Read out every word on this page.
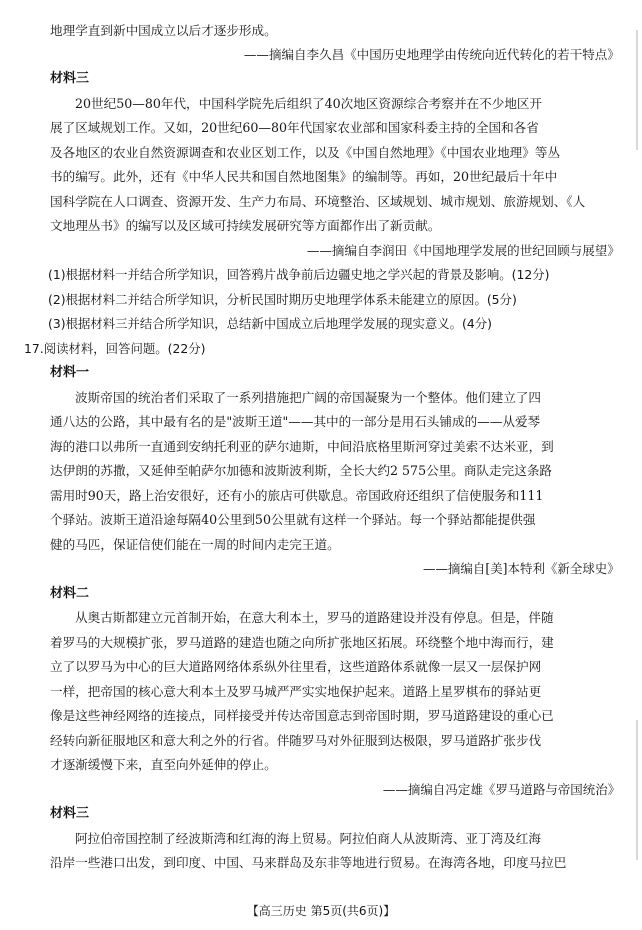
地理学直到新中国成立以后才逐步形成。
——摘编自李久昌《中国历史地理学由传统向近代转化的若干特点》
材料三
20世纪50—80年代，中国科学院先后组织了40次地区资源综合考察并在不少地区开
展了区域规划工作。又如，20世纪60—80年代国家农业部和国家科委主持的全国和各省
及各地区的农业自然资源调查和农业区划工作，以及《中国自然地理》《中国农业地理》等丛
书的编写。此外，还有《中华人民共和国自然地图集》的编制等。再如，20世纪最后十年中
国科学院在人口调查、资源开发、生产力布局、环境整治、区域规划、城市规划、旅游规划、《人
文地理丛书》的编写以及区域可持续发展研究等方面都作出了新贡献。
——摘编自李润田《中国地理学发展的世纪回顾与展望》
(1)根据材料一并结合所学知识，回答鸦片战争前后边疆史地之学兴起的背景及影响。(12分)
(2)根据材料二并结合所学知识，分析民国时期历史地理学体系未能建立的原因。(5分)
(3)根据材料三并结合所学知识，总结新中国成立后地理学发展的现实意义。(4分)
17.阅读材料，回答问题。(22分)
材料一
波斯帝国的统治者们采取了一系列措施把广阔的帝国凝聚为一个整体。他们建立了四
通八达的公路，其中最有名的是"波斯王道"——其中的一部分是用石头铺成的——从爱琴
海的港口以弗所一直通到安纳托利亚的萨尔迪斯，中间沿底格里斯河穿过美索不达米亚，到
达伊朗的苏撒，又延伸至帕萨尔加德和波斯波利斯，全长大约2 575公里。商队走完这条路
需用时90天，路上治安很好，还有小的旅店可供歇息。帝国政府还组织了信使服务和111
个驿站。波斯王道沿途每隔40公里到50公里就有这样一个驿站。每一个驿站都能提供强
健的马匹，保证信使们能在一周的时间内走完王道。
——摘编自[美]本特利《新全球史》
材料二
从奥古斯都建立元首制开始，在意大利本土，罗马的道路建设并没有停息。但是，伴随
着罗马的大规模扩张，罗马道路的建造也随之向所扩张地区拓展。环绕整个地中海而行，建
立了以罗马为中心的巨大道路网络体系纵外往里看，这些道路体系就像一层又一层保护网
一样，把帝国的核心意大利本土及罗马城严严实实地保护起来。道路上星罗棋布的驿站更
像是这些神经网络的连接点，同样接受并传达帝国意志到帝国时期，罗马道路建设的重心已
经转向新征服地区和意大利之外的行省。伴随罗马对外征服到达极限，罗马道路扩张步伐
才逐渐缓慢下来，直至向外延伸的停止。
——摘编自冯定雄《罗马道路与帝国统治》
材料三
阿拉伯帝国控制了经波斯湾和红海的海上贸易。阿拉伯商人从波斯湾、亚丁湾及红海
沿岸一些港口出发，到印度、中国、马来群岛及东非等地进行贸易。在海湾各地，印度马拉巴
【高三历史 第5页(共6页)】
